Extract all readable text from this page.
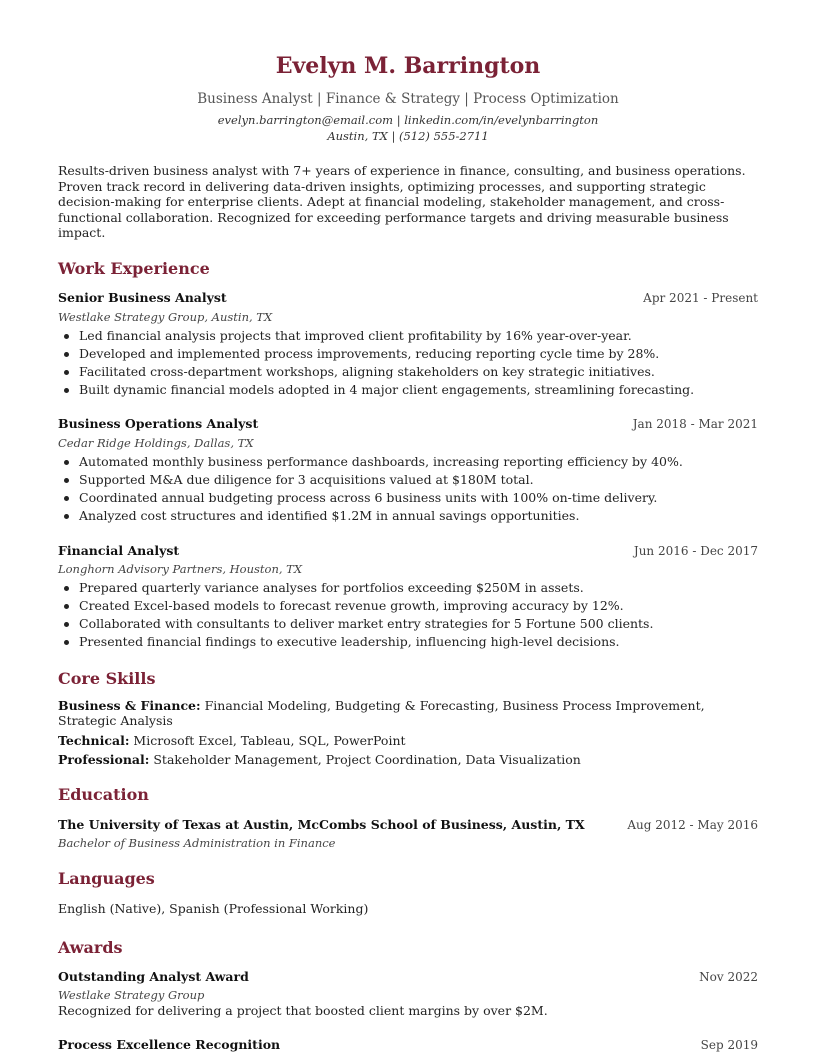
Evelyn M. Barrington
Business Analyst | Finance & Strategy | Process Optimization
evelyn.barrington@email.com | linkedin.com/in/evelynbarrington
Austin, TX | (512) 555-2711
Results-driven business analyst with 7+ years of experience in finance, consulting, and business operations. Proven track record in delivering data-driven insights, optimizing processes, and supporting strategic decision-making for enterprise clients. Adept at financial modeling, stakeholder management, and cross-functional collaboration. Recognized for exceeding performance targets and driving measurable business impact.
Work Experience
Senior Business Analyst	Apr 2021 - Present
Westlake Strategy Group, Austin, TX
Led financial analysis projects that improved client profitability by 16% year-over-year.
Developed and implemented process improvements, reducing reporting cycle time by 28%.
Facilitated cross-department workshops, aligning stakeholders on key strategic initiatives.
Built dynamic financial models adopted in 4 major client engagements, streamlining forecasting.
Business Operations Analyst	Jan 2018 - Mar 2021
Cedar Ridge Holdings, Dallas, TX
Automated monthly business performance dashboards, increasing reporting efficiency by 40%.
Supported M&A due diligence for 3 acquisitions valued at $180M total.
Coordinated annual budgeting process across 6 business units with 100% on-time delivery.
Analyzed cost structures and identified $1.2M in annual savings opportunities.
Financial Analyst	Jun 2016 - Dec 2017
Longhorn Advisory Partners, Houston, TX
Prepared quarterly variance analyses for portfolios exceeding $250M in assets.
Created Excel-based models to forecast revenue growth, improving accuracy by 12%.
Collaborated with consultants to deliver market entry strategies for 5 Fortune 500 clients.
Presented financial findings to executive leadership, influencing high-level decisions.
Core Skills
Business & Finance: Financial Modeling, Budgeting & Forecasting, Business Process Improvement, Strategic Analysis
Technical: Microsoft Excel, Tableau, SQL, PowerPoint
Professional: Stakeholder Management, Project Coordination, Data Visualization
Education
The University of Texas at Austin, McCombs School of Business, Austin, TX	Aug 2012 - May 2016
Bachelor of Business Administration in Finance
Languages
English (Native), Spanish (Professional Working)
Awards
Outstanding Analyst Award	Nov 2022
Westlake Strategy Group
Recognized for delivering a project that boosted client margins by over $2M.
Process Excellence Recognition	Sep 2019
